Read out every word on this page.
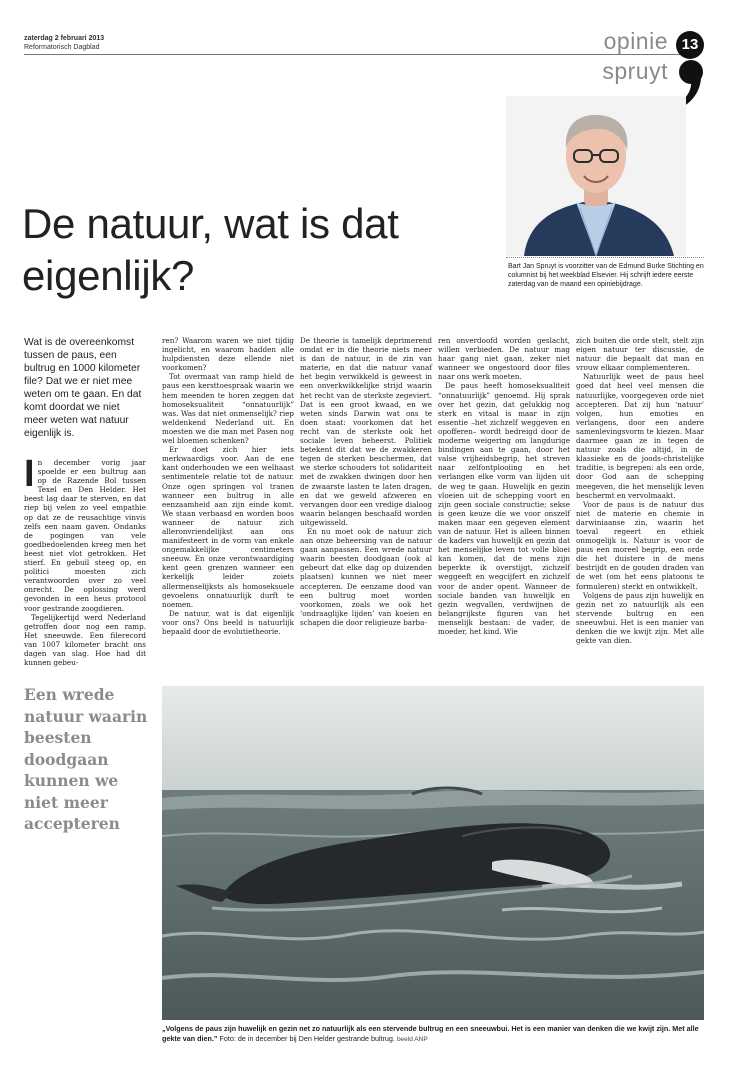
zaterdag 2 februari 2013
Reformatorisch Dagblad	opinie
spruyt
13
Bart Jan Spruyt is voorzitter van de Edmund Burke Stichting en columnist bij het weekblad Elsevier. Hij schrijft iedere eerste zaterdag van de maand een opiniebijdrage.
De natuur, wat is dat
eigenlijk?
Wat is de overeenkomst tussen de paus, een bultrug en 1000 kilometer file? Dat we er niet mee weten om te gaan. En dat komt doordat we niet meer weten wat natuur eigenlijk is.
I n december vorig jaar spoelde er een bultrug aan op de Razende Bol tussen Texel en Den Helder. Het beest lag daar te sterven, en dat riep bij velen zo veel empathie op dat ze de reusachtige vinvis zelfs een naam gaven. Ondanks de pogingen van vele goedbedoelenden kreeg men het beest niet vlot getrokken. Het stierf. En gebuil steeg op, en politici moesten zich verantwoorden over zo veel onrecht. De oplossing werd gevonden in een heus protocol voor gestrande zoogdieren.

Tegelijkertijd werd Nederland getroffen door nog een ramp. Het sneeuwde. Een filerecord van 1007 kilometer bracht ons dagen van slag. Hoe had dit kunnen gebeu-

ren? Waarom waren we niet tijdig ingelicht, en waarom hadden alle hulpdiensten deze ellende niet voorkomen?

Tot overmaat van ramp hield de paus een kersttoespraak waarin we hem meenden te horen zeggen dat homoseksualiteit “onnatuurlijk” was. Was dat niet onmenselijk? riep weldenkend Nederland uit. En moesten we die man met Pasen nog wel bloemen schenken?

Er doet zich hier iets merkwaardigs voor. Aan de ene kant onderhouden we een welhaast sentimentele relatie tot de natuur. Onze ogen springen vol tranen wanneer een bultrug in alle eenzaamheid aan zijn einde komt. We staan verbaasd en worden boos wanneer de natuur zich alleronvriendelijkst aan ons manifesteert in de vorm van enkele ongemakkelijke centimeters sneeuw. En onze verontwaardiging kent geen grenzen wanneer een kerkelijk leider zoiets allermenselijksts als homoseksuele gevoelens onnatuurlijk durft te noemen.

De natuur, wat is dat eigenlijk voor ons? Ons beeld is natuurlijk bepaald door de evolutietheorie.

De theorie is tamelijk deprimerend omdat er in die theorie niets meer is dan de natuur, in de zin van materie, en dat die natuur vanaf het begin verwikkeld is geweest in een onverkwikkelijke strijd waarin het recht van de sterkste zegeviert. Dat is een groot kwaad, en we weten sinds Darwin wat ons te doen staat: voorkomen dat het recht van de sterkste ook het sociale leven beheerst. Politiek betekent dit dat we de zwakkeren tegen de sterken beschermen, dat we sterke schouders tot solidariteit met de zwakken dwingen door hen de zwaarste lasten te laten dragen, en dat we geweld afzweren en vervangen door een vredige dialoog waarin belangen beschaafd worden uitgewisseld.

En nu moet ook de natuur zich aan onze beheersing van de natuur gaan aanpassen. Een wrede natuur waarin beesten doodgaan (ook al gebeurt dat elke dag op duizenden plaatsen) kunnen we niet meer accepteren. De eenzame dood van een bultrug moet worden voorkomen, zoals we ook het ‘ondraaglijke lijden’ van koeien en schapen die door religieuze barba-

ren onverdoofd worden geslacht, willen verbieden. De natuur mag haar gang niet gaan, zeker niet wanneer we ongestoord door files naar ons werk moeten.

De paus heeft homoseksualiteit “onnatuurlijk” genoemd. Hij sprak over het gezin, dat gelukkig nog sterk en vitaal is maar in zijn essentie –het zichzelf weggeven en opofferen– wordt bedreigd door de moderne weigering om langdurige bindingen aan te gaan, door het valse vrijheidsbegrip, het streven naar zelfontplooiing en het verlangen elke vorm van lijden uit de weg te gaan. Huwelijk en gezin vloeien uit de schepping voort en zijn geen sociale constructie; sekse is geen keuze die we voor onszelf maken maar een gegeven element van de natuur. Het is alleen binnen de kaders van huwelijk en gezin dat het menselijke leven tot volle bloei kan komen, dat de mens zijn beperkte ik overstijgt, zichzelf weggeeft en wegcijfert en zichzelf voor de ander opent. Wanneer de sociale banden van huwelijk en gezin wegvallen, verdwijnen de belangrijkste figuren van het menselijk bestaan: de vader, de moeder, het kind. Wie

zich buiten die orde stelt, stelt zijn eigen natuur ter discussie, de natuur die bepaalt dat man en vrouw elkaar complementeren.

Natuurlijk weet de paus heel goed dat heel veel mensen die natuurlijke, voorgegeven orde niet accepteren. Dat zij hun ‘natuur’ volgen, hun emoties en verlangens, door een andere samenlevingsvorm te kiezen. Maar daarmee gaan ze in tegen de natuur zoals die altijd, in de klassieke en de joods-christelijke traditie, is begrepen: als een orde, door God aan de schepping meegeven, die het menselijk leven beschermt en vervolmaakt.

Voor de paus is de natuur dus niet de materie en chemie in darwiniaanse zin, waarin het toeval regeert en ethiek onmogelijk is. Natuur is voor de paus een moreel begrip, een orde die het duistere in de mens bestrijdt en de gouden draden van de wet (om het eens platoons te formuleren) sterkt en ontwikkelt.

Volgens de paus zijn huwelijk en gezin net zo natuurlijk als een stervende bultrug en een sneeuwbui. Het is een manier van denken die we kwijt zijn. Met alle gekte van dien.

Een wrede natuur waarin beesten doodgaan kunnen we niet meer accepteren
„Volgens de paus zijn huwelijk en gezin net zo natuurlijk als een stervende bultrug en een sneeuwbui. Het is een manier van denken die we kwijt zijn. Met alle gekte van dien.” Foto: de in december bij Den Helder gestrande bultrug. beeld ANP
